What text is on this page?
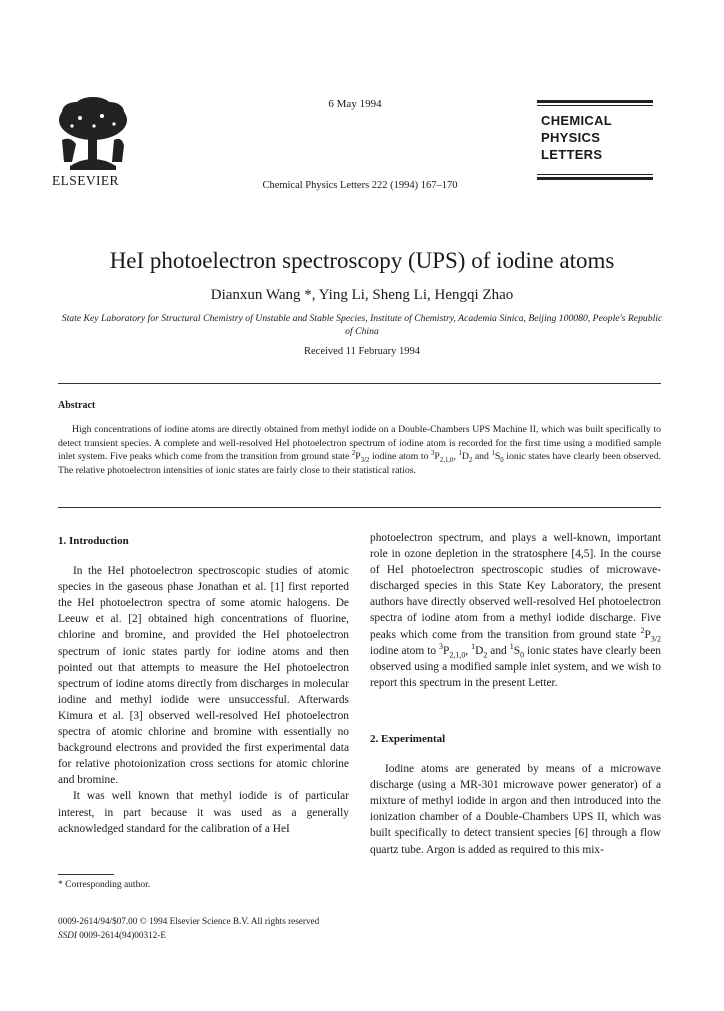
ELSEVIER
6 May 1994
Chemical Physics Letters 222 (1994) 167–170
CHEMICAL
PHYSICS
LETTERS
HeI photoelectron spectroscopy (UPS) of iodine atoms
Dianxun Wang *, Ying Li, Sheng Li, Hengqi Zhao
State Key Laboratory for Structural Chemistry of Unstable and Stable Species, Institute of Chemistry, Academia Sinica, Beijing 100080, People's Republic of China
Received 11 February 1994
Abstract

High concentrations of iodine atoms are directly obtained from methyl iodide on a Double-Chambers UPS Machine II, which was built specifically to detect transient species. A complete and well-resolved HeI photoelectron spectrum of iodine atom is recorded for the first time using a modified sample inlet system. Five peaks which come from the transition from ground state $^2P_{3/2}$ iodine atom to $^3P_{2,1,0}$, $^1D_2$ and $^1S_0$ ionic states have clearly been observed. The relative photoelectron intensities of ionic states are fairly close to their statistical ratios.

1. Introduction

In the HeI photoelectron spectroscopic studies of atomic species in the gaseous phase Jonathan et al. [1] first reported the HeI photoelectron spectra of some atomic halogens. De Leeuw et al. [2] obtained high concentrations of fluorine, chlorine and bromine, and provided the HeI photoelectron spectrum of ionic states partly for iodine atoms and then pointed out that attempts to measure the HeI photoelectron spectrum of iodine atoms directly from discharges in molecular iodine and methyl iodide were unsuccessful. Afterwards Kimura et al. [3] observed well-resolved HeI photoelectron spectra of atomic chlorine and bromine with essentially no background electrons and provided the first experimental data for relative photoionization cross sections for atomic chlorine and bromine.

It was well known that methyl iodide is of particular interest, in part because it was used as a generally acknowledged standard for the calibration of a HeI

photoelectron spectrum, and plays a well-known, important role in ozone depletion in the stratosphere [4,5]. In the course of HeI photoelectron spectroscopic studies of microwave-discharged species in this State Key Laboratory, the present authors have directly observed well-resolved HeI photoelectron spectra of iodine atom from a methyl iodide discharge. Five peaks which come from the transition from ground state $^2P_{3/2}$ iodine atom to $^3P_{2,1,0}$, $^1D_2$ and $^1S_0$ ionic states have clearly been observed using a modified sample inlet system, and we wish to report this spectrum in the present Letter.

2. Experimental

Iodine atoms are generated by means of a microwave discharge (using a MR-301 microwave power generator) of a mixture of methyl iodide in argon and then introduced into the ionization chamber of a Double-Chambers UPS II, which was built specifically to detect transient species [6] through a flow quartz tube. Argon is added as required to this mix-

* Corresponding author.
0009-2614/94/$07.00 © 1994 Elsevier Science B.V. All rights reserved
SSDI 0009-2614(94)00312-E
